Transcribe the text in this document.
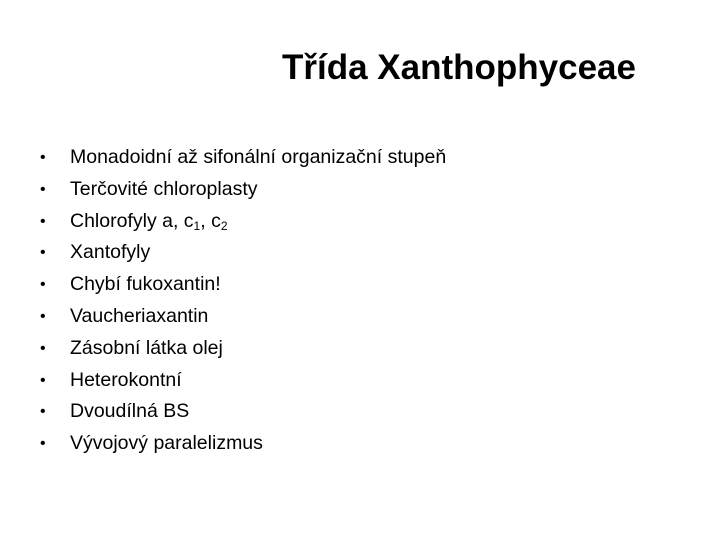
Třída Xanthophyceae
•	Monadoidní až sifonální organizační stupeň
•	Terčovité chloroplasty
•	Chlorofyly a, $c_1$, $c_2$
•	Xantofyly
•	Chybí fukoxantin!
•	Vaucheriaxantin
•	Zásobní látka olej
•	Heterokontní
•	Dvoudílná BS
•	Vývojový paralelizmus
